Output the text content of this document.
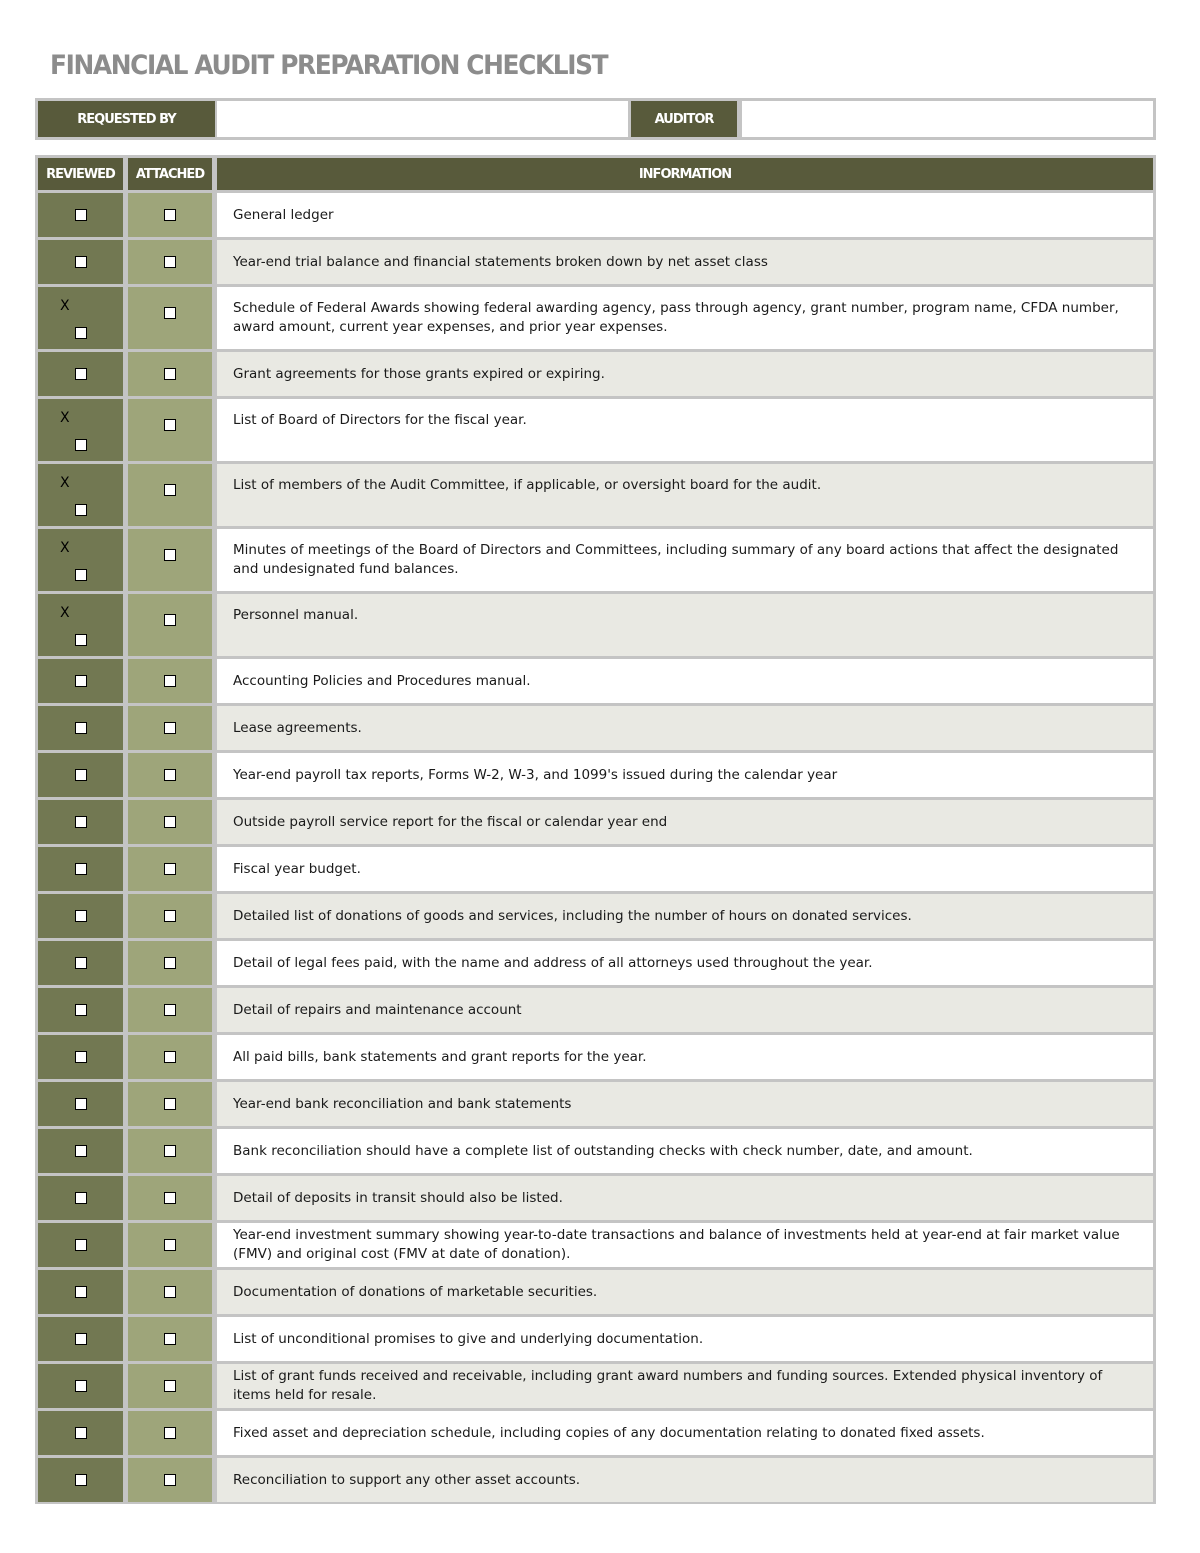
FINANCIAL AUDIT PREPARATION CHECKLIST
REQUESTED BY	AUDITOR
REVIEWED	ATTACHED	INFORMATION
General ledger
Year-end trial balance and financial statements broken down by net asset class
X	Schedule of Federal Awards showing federal awarding agency, pass through agency, grant number, program name, CFDA number, award amount, current year expenses, and prior year expenses.
Grant agreements for those grants expired or expiring.
X	List of Board of Directors for the fiscal year.
X	List of members of the Audit Committee, if applicable, or oversight board for the audit.
X	Minutes of meetings of the Board of Directors and Committees, including summary of any board actions that affect the designated and undesignated fund balances.
X	Personnel manual.
Accounting Policies and Procedures manual.
Lease agreements.
Year-end payroll tax reports, Forms W-2, W-3, and 1099's issued during the calendar year
Outside payroll service report for the fiscal or calendar year end
Fiscal year budget.
Detailed list of donations of goods and services, including the number of hours on donated services.
Detail of legal fees paid, with the name and address of all attorneys used throughout the year.
Detail of repairs and maintenance account
All paid bills, bank statements and grant reports for the year.
Year-end bank reconciliation and bank statements
Bank reconciliation should have a complete list of outstanding checks with check number, date, and amount.
Detail of deposits in transit should also be listed.
Year-end investment summary showing year-to-date transactions and balance of investments held at year-end at fair market value (FMV) and original cost (FMV at date of donation).
Documentation of donations of marketable securities.
List of unconditional promises to give and underlying documentation.
List of grant funds received and receivable, including grant award numbers and funding sources. Extended physical inventory of items held for resale.
Fixed asset and depreciation schedule, including copies of any documentation relating to donated fixed assets.
Reconciliation to support any other asset accounts.
